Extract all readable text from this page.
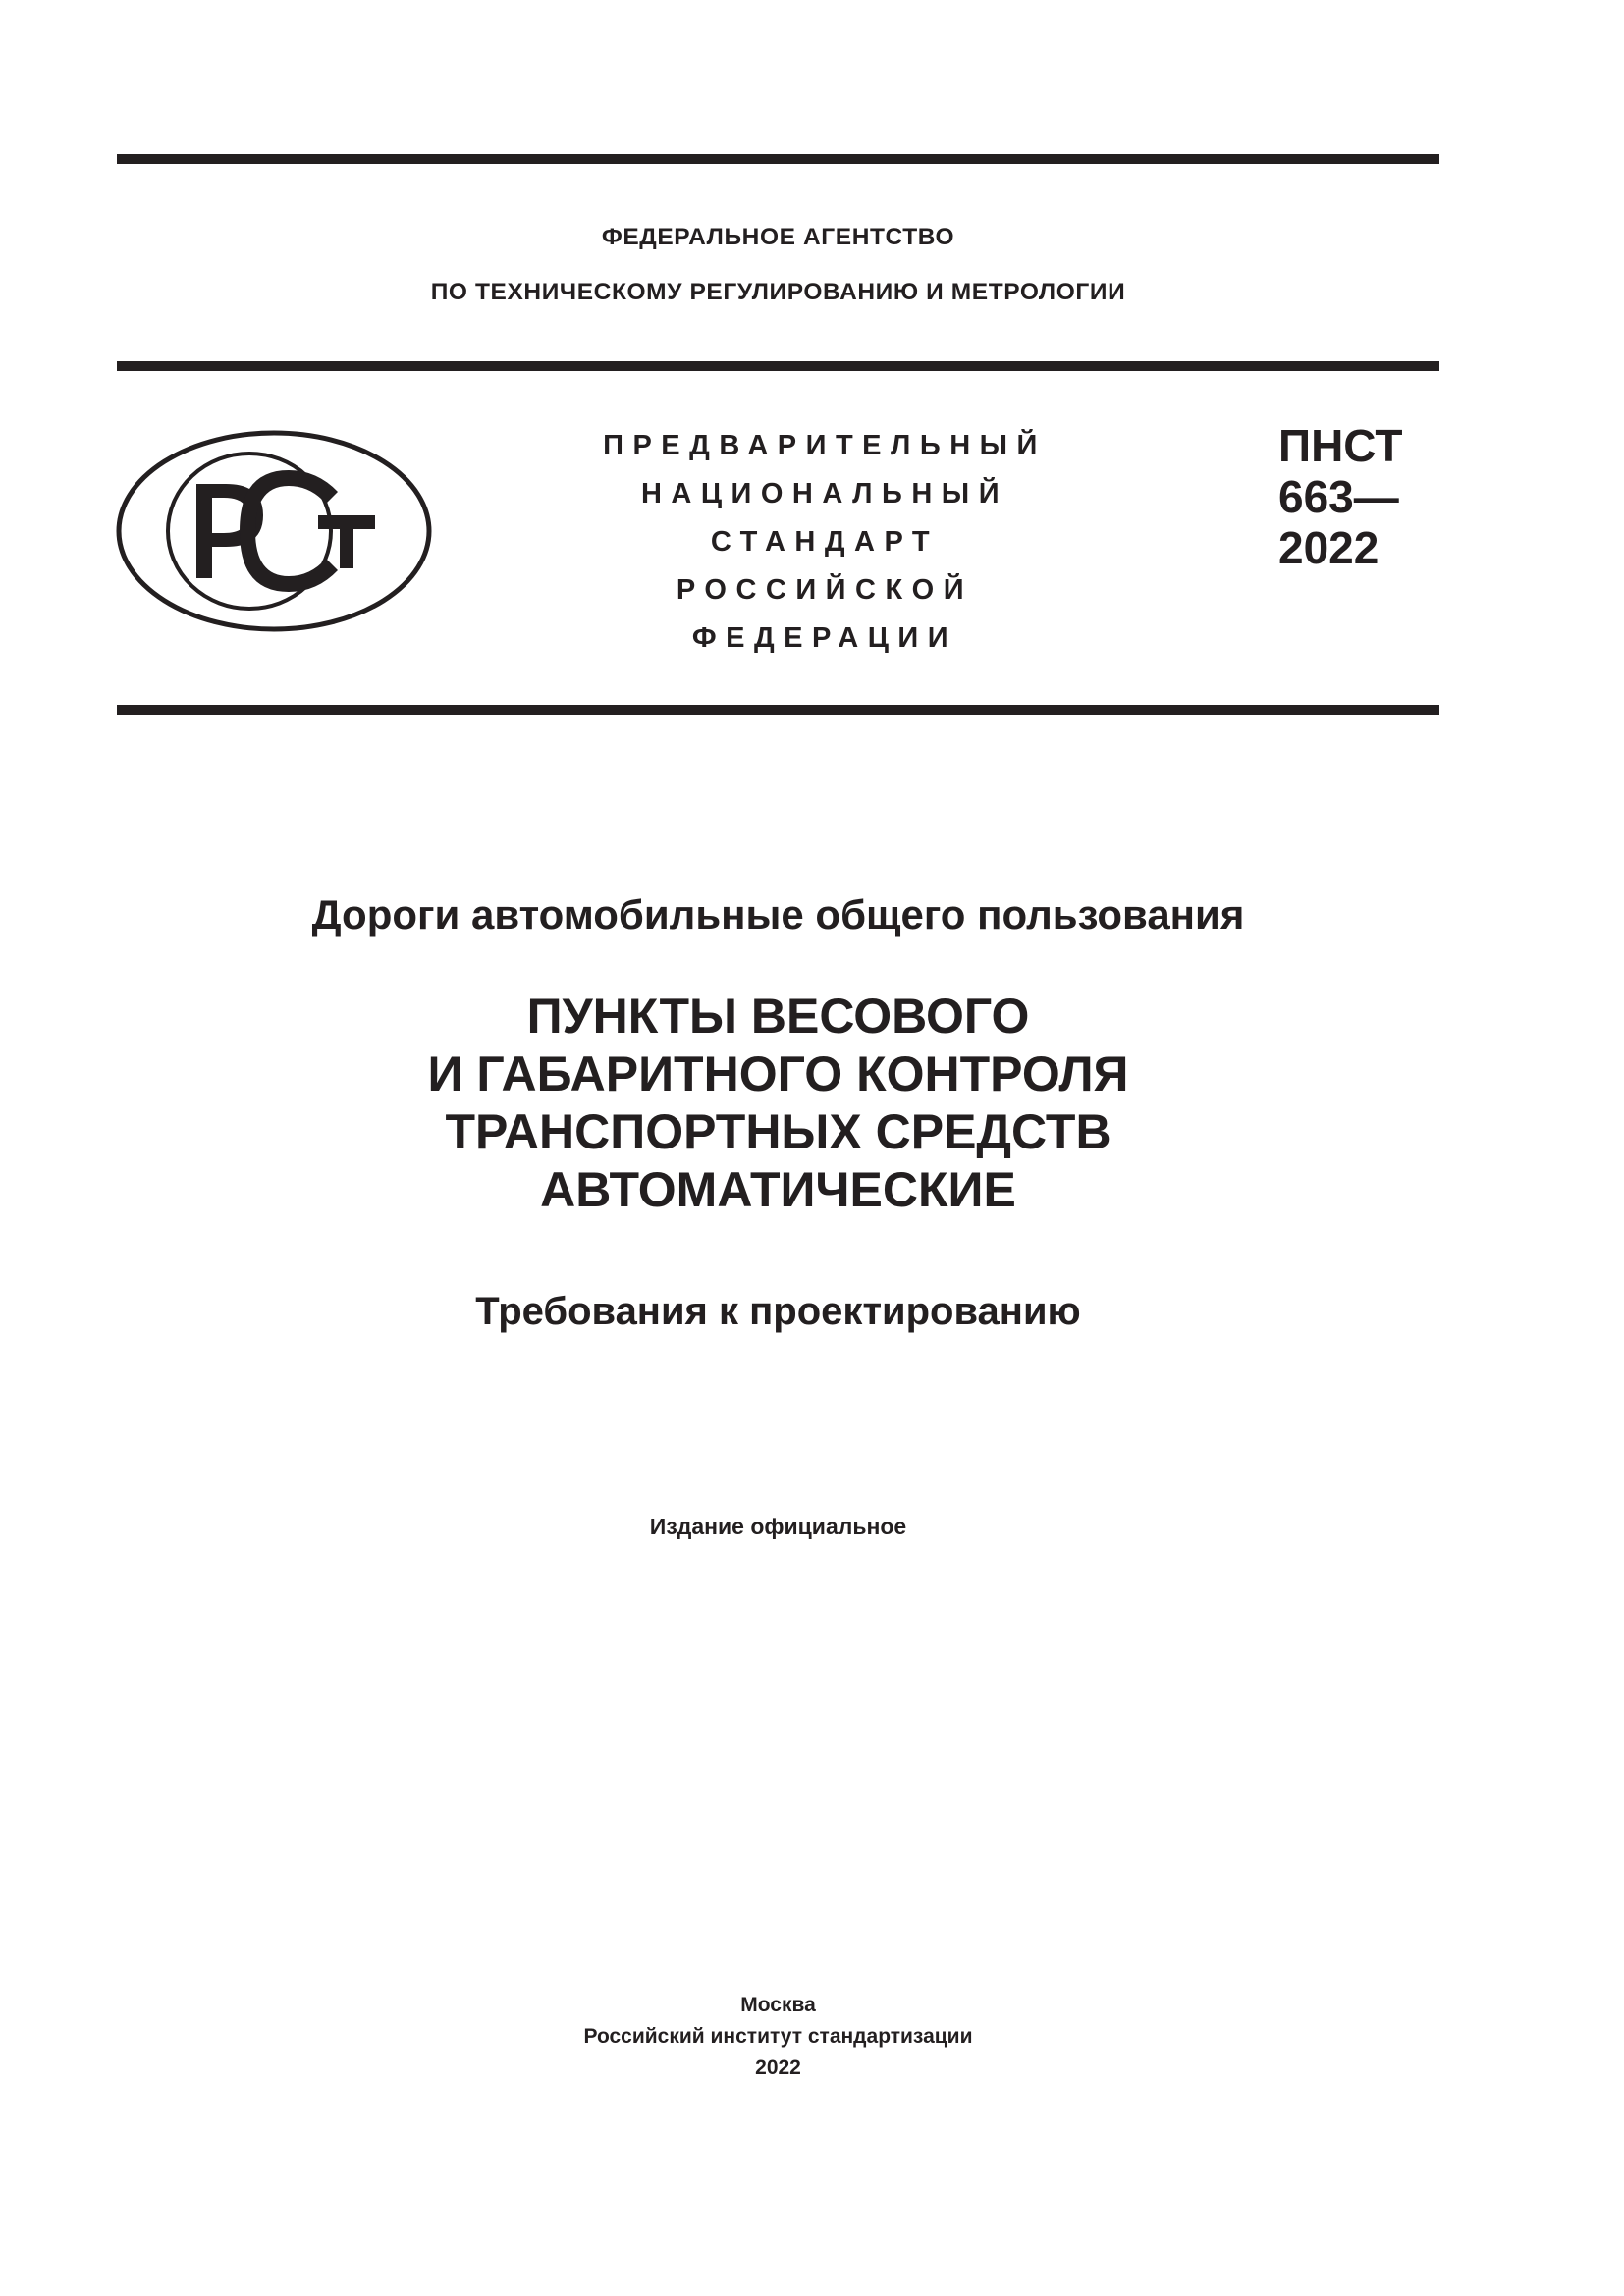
ФЕДЕРАЛЬНОЕ АГЕНТСТВО
ПО ТЕХНИЧЕСКОМУ РЕГУЛИРОВАНИЮ И МЕТРОЛОГИИ
ПРЕДВАРИТЕЛЬНЫЙ
НАЦИОНАЛЬНЫЙ
СТАНДАРТ
РОССИЙСКОЙ
ФЕДЕРАЦИИ
ПНСТ
663—
2022
Дороги автомобильные общего пользования
ПУНКТЫ ВЕСОВОГО
И ГАБАРИТНОГО КОНТРОЛЯ
ТРАНСПОРТНЫХ СРЕДСТВ
АВТОМАТИЧЕСКИЕ
Требования к проектированию
Издание официальное
Москва
Российский институт стандартизации
2022
